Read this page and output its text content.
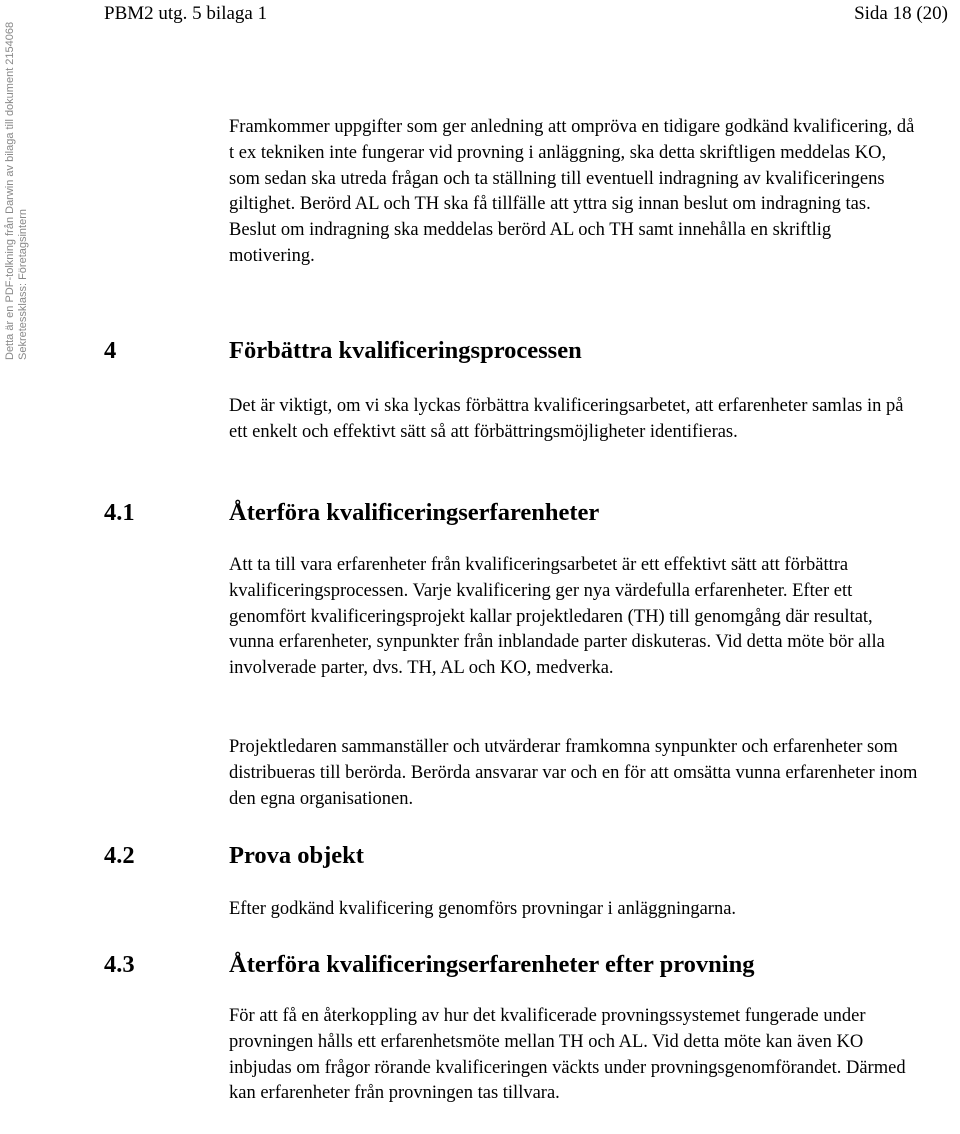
PBM2 utg. 5 bilaga 1	Sida 18 (20)
Detta är en PDF-tolkning från Darwin av bilaga till dokument 2154068 Sekretessklass: Företagsintern
Framkommer uppgifter som ger anledning att ompröva en tidigare godkänd kvalificering, då t ex tekniken inte fungerar vid provning i anläggning, ska detta skriftligen meddelas KO, som sedan ska utreda frågan och ta ställning till eventuell indragning av kvalificeringens giltighet. Berörd AL och TH ska få tillfälle att yttra sig innan beslut om indragning tas. Beslut om indragning ska meddelas berörd AL och TH samt innehålla en skriftlig motivering.
4	Förbättra kvalificeringsprocessen
Det är viktigt, om vi ska lyckas förbättra kvalificeringsarbetet, att erfarenheter samlas in på ett enkelt och effektivt sätt så att förbättringsmöjligheter identifieras.
4.1	Återföra kvalificeringserfarenheter
Att ta till vara erfarenheter från kvalificeringsarbetet är ett effektivt sätt att förbättra kvalificeringsprocessen. Varje kvalificering ger nya värdefulla erfarenheter. Efter ett genomfört kvalificeringsprojekt kallar projektledaren (TH) till genomgång där resultat, vunna erfarenheter, synpunkter från inblandade parter diskuteras. Vid detta möte bör alla involverade parter, dvs. TH, AL och KO, medverka.
Projektledaren sammanställer och utvärderar framkomna synpunkter och erfarenheter som distribueras till berörda. Berörda ansvarar var och en för att omsätta vunna erfarenheter inom den egna organisationen.
4.2	Prova objekt
Efter godkänd kvalificering genomförs provningar i anläggningarna.
4.3	Återföra kvalificeringserfarenheter efter provning
För att få en återkoppling av hur det kvalificerade provningssystemet fungerade under provningen hålls ett erfarenhetsmöte mellan TH och AL. Vid detta möte kan även KO inbjudas om frågor rörande kvalificeringen väckts under provningsgenomförandet. Därmed kan erfarenheter från provningen tas tillvara.
